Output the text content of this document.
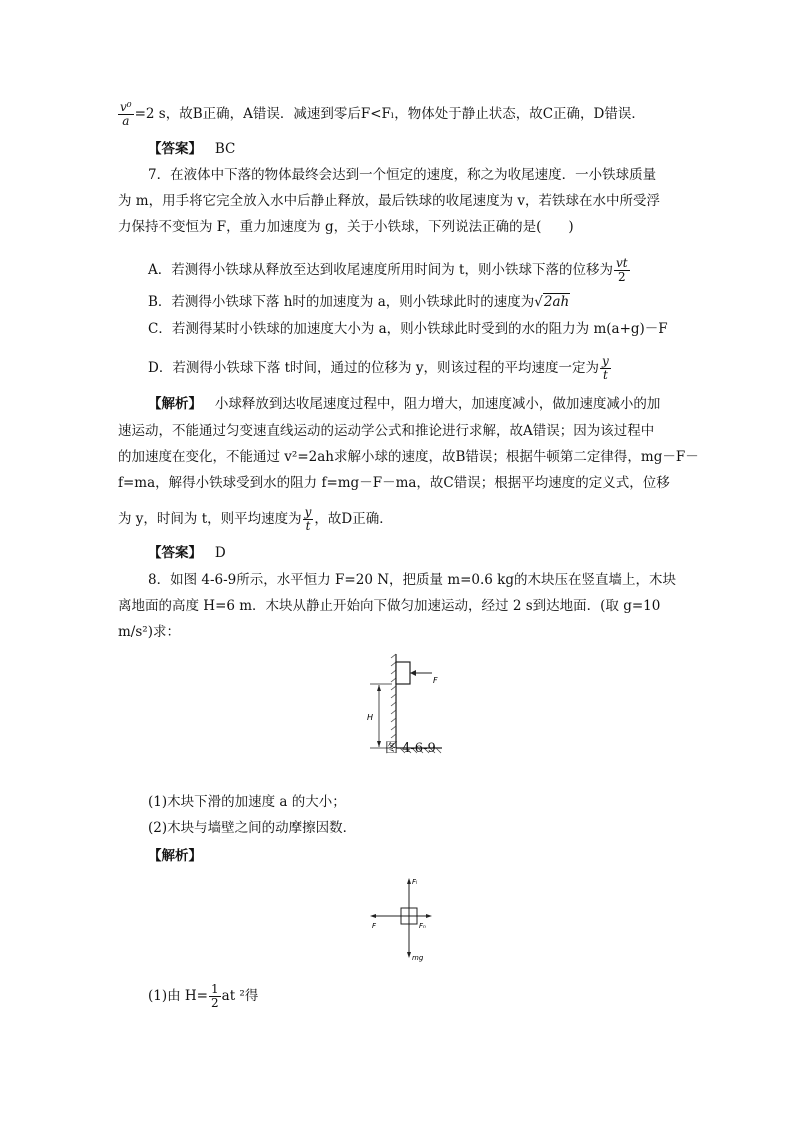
$\frac{\text{v⁰}}{a} =2$ s，故B正确，A错误．减速到零后F<Fₗ，物体处于静止状态，故C正确，D错误．
【答案】 BC
7．在液体中下落的物体最终会达到一个恒定的速度，称之为收尾速度．一小铁球质量
为 m，用手将它完全放入水中后静止释放，最后铁球的收尾速度为 v，若铁球在水中所受浮
力保持不变恒为 F，重力加速度为 g，关于小铁球，下列说法正确的是(　　)
A．若测得小铁球从释放至达到收尾速度所用时间为 t，则小铁球下落的位移为 $\frac{vt}{2}$
B．若测得小铁球下落 h时的加速度为 a，则小铁球此时的速度为√2ah
C．若测得某时小铁球的加速度大小为 a，则小铁球此时受到的水的阻力为 m(a+g)－F
D．若测得小铁球下落 t时间，通过的位移为 y，则该过程的平均速度一定为 $\frac{y}{t}$
【解析】 小球释放到达收尾速度过程中，阻力增大，加速度减小，做加速度减小的加
速运动，不能通过匀变速直线运动的运动学公式和推论进行求解，故A错误；因为该过程中
的加速度在变化，不能通过 v²=2ah求解小球的速度，故B错误；根据牛顿第二定律得，mg－F－
f=ma，解得小铁球受到水的阻力 f=mg－F－ma，故C错误；根据平均速度的定义式，位移
为 y，时间为 t，则平均速度为 $\frac{y}{t}$ ，故D正确．
【答案】 D
8．如图 4-6-9所示，水平恒力 F=20 N，把质量 m=0.6 kg的木块压在竖直墙上，木块
离地面的高度 H=6 m．木块从静止开始向下做匀加速运动，经过 2 s到达地面．(取 g=10
m/s²)求：
F
H
图 4-6-9
(1)木块下滑的加速度 a 的大小；
(2)木块与墙壁之间的动摩擦因数．
【解析】
Fₗ
mg
F	Fₙ
(1)由 $H= \frac{1}{2}$ at ²得
